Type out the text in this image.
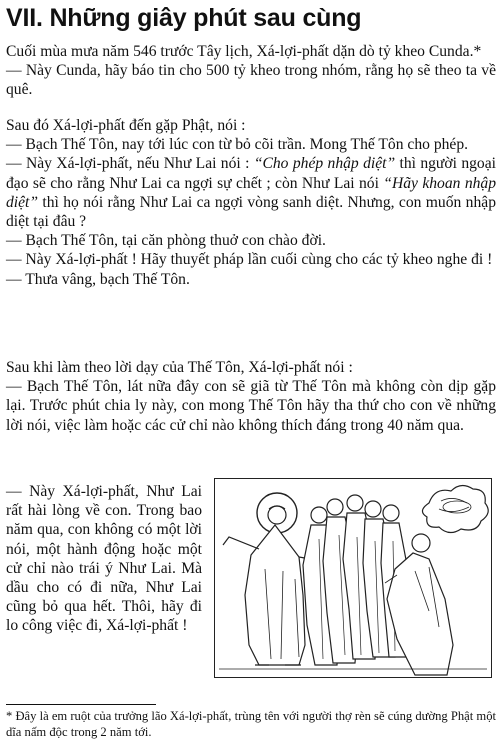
VII. Những giây phút sau cùng

Cuối mùa mưa năm 546 trước Tây lịch, Xá-lợi-phất dặn dò tỷ kheo Cunda.*

— Này Cunda, hãy báo tin cho 500 tỷ kheo trong nhóm, rằng họ sẽ theo ta về quê.

Sau đó Xá-lợi-phất đến gặp Phật, nói :

— Bạch Thế Tôn, nay tới lúc con từ bỏ cõi trần. Mong Thế Tôn cho phép.

— Này Xá-lợi-phất, nếu Như Lai nói : “Cho phép nhập diệt” thì người ngoại đạo sẽ cho rằng Như Lai ca ngợi sự chết ; còn Như Lai nói “Hãy khoan nhập diệt” thì họ nói rằng Như Lai ca ngợi vòng sanh diệt. Nhưng, con muốn nhập diệt tại đâu ?

— Bạch Thế Tôn, tại căn phòng thuở con chào đời.

— Này Xá-lợi-phất ! Hãy thuyết pháp lần cuối cùng cho các tỷ kheo nghe đi !

— Thưa vâng, bạch Thế Tôn.

Sau khi làm theo lời dạy của Thế Tôn, Xá-lợi-phất nói :

— Bạch Thế Tôn, lát nữa đây con sẽ giã từ Thế Tôn mà không còn dịp gặp lại. Trước phút chia ly này, con mong Thế Tôn hãy tha thứ cho con về những lời nói, việc làm hoặc các cử chỉ nào không thích đáng trong 40 năm qua.

— Này Xá-lợi-phất, Như Lai rất hài lòng về con. Trong bao năm qua, con không có một lời nói, một hành động hoặc một cử chỉ nào trái ý Như Lai. Mà dầu cho có đi nữa, Như Lai cũng bỏ qua hết. Thôi, hãy đi lo công việc đi, Xá-lợi-phất !

* Đây là em ruột của trưởng lão Xá-lợi-phất, trùng tên với người thợ rèn sẽ cúng dường Phật một dĩa nấm độc trong 2 năm tới.
